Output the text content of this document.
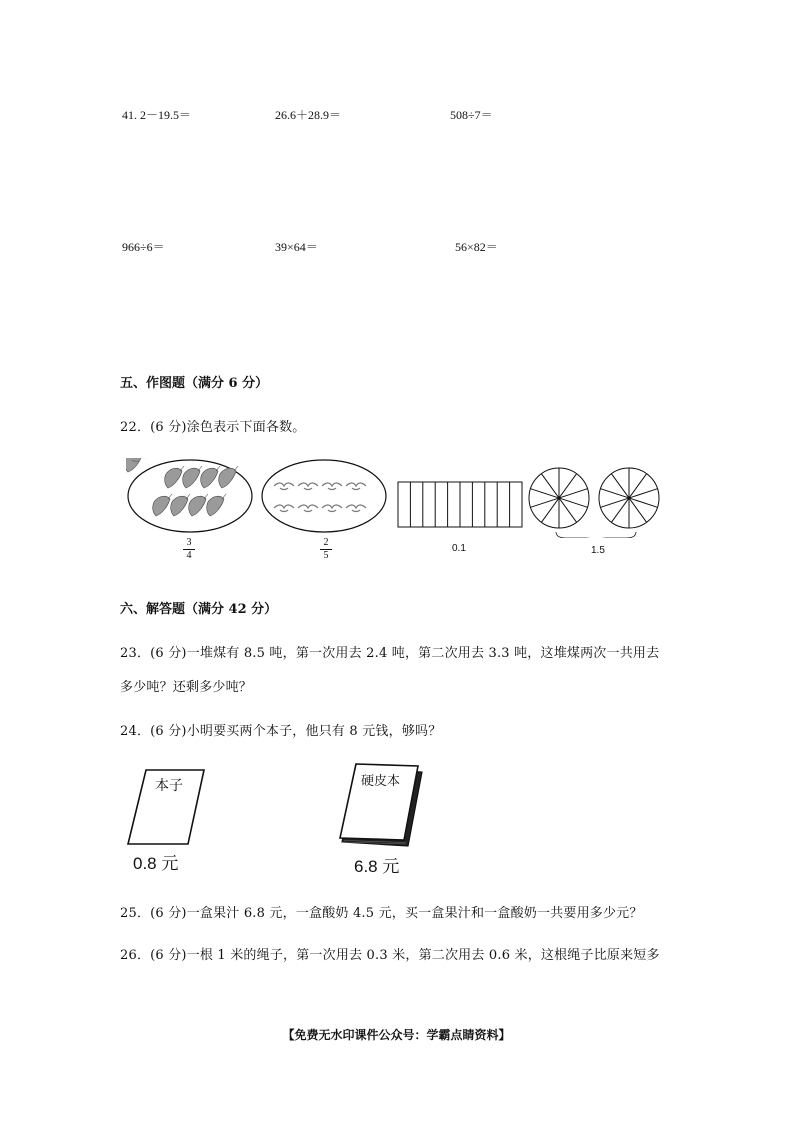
41. 2－19.5＝	26.6＋28.9＝	508÷7＝
966÷6＝	39×64＝	56×82＝
五、作图题（满分 6 分）
22．(6 分)涂色表示下面各数。
3
4
2
5
0.1	1.5
六、解答题（满分 42 分）
23．(6 分)一堆煤有 8.5 吨，第一次用去 2.4 吨，第二次用去 3.3 吨，这堆煤两次一共用去
多少吨？还剩多少吨？
24．(6 分)小明要买两个本子，他只有 8 元钱，够吗？
本子
0.8 元
硬皮本
6.8 元
25．(6 分)一盒果汁 6.8 元，一盒酸奶 4.5 元，买一盒果汁和一盒酸奶一共要用多少元？
26．(6 分)一根 1 米的绳子，第一次用去 0.3 米，第二次用去 0.6 米，这根绳子比原来短多
【免费无水印课件公众号：学霸点睛资料】
